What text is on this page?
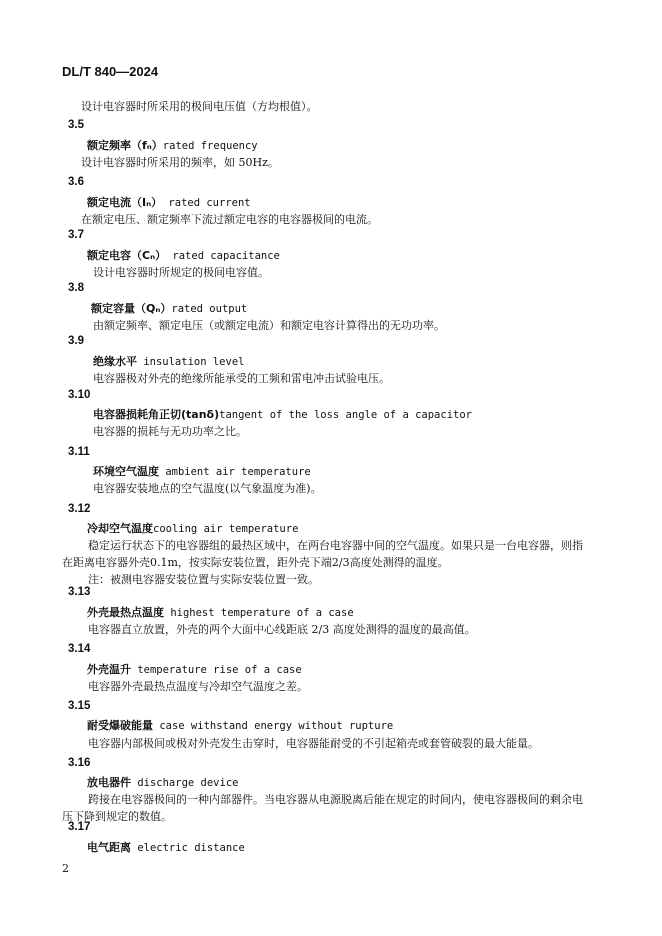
DL/T 840—2024
设计电容器时所采用的极间电压值（方均根值）。
3.5
额定频率（fₙ）rated frequency
设计电容器时所采用的频率，如 50Hz。
3.6
额定电流（Iₙ） rated current
在额定电压、额定频率下流过额定电容的电容器极间的电流。
3.7
额定电容（Cₙ） rated capacitance
设计电容器时所规定的极间电容值。
3.8
额定容量（Qₙ）rated output
由额定频率、额定电压（或额定电流）和额定电容计算得出的无功功率。
3.9
绝缘水平 insulation level
电容器极对外壳的绝缘所能承受的工频和雷电冲击试验电压。
3.10
电容器损耗角正切(tanδ)tangent of the loss angle of a capacitor
电容器的损耗与无功功率之比。
3.11
环境空气温度 ambient air temperature
电容器安装地点的空气温度(以气象温度为准)。
3.12
冷却空气温度cooling air temperature
稳定运行状态下的电容器组的最热区域中，在两台电容器中间的空气温度。如果只是一台电容器，则指在距离电容器外壳0.1m，按实际安装位置，距外壳下端2/3高度处测得的温度。
注：被测电容器安装位置与实际安装位置一致。
3.13
外壳最热点温度 highest temperature of a case
电容器直立放置，外壳的两个大面中心线距底 2/3 高度处测得的温度的最高值。
3.14
外壳温升 temperature rise of a case
电容器外壳最热点温度与冷却空气温度之差。
3.15
耐受爆破能量 case withstand energy without rupture
电容器内部极间或极对外壳发生击穿时，电容器能耐受的不引起箱壳或套管破裂的最大能量。
3.16
放电器件 discharge device
跨接在电容器极间的一种内部器件。当电容器从电源脱离后能在规定的时间内，使电容器极间的剩余电压下降到规定的数值。
3.17
电气距离 electric distance
2
